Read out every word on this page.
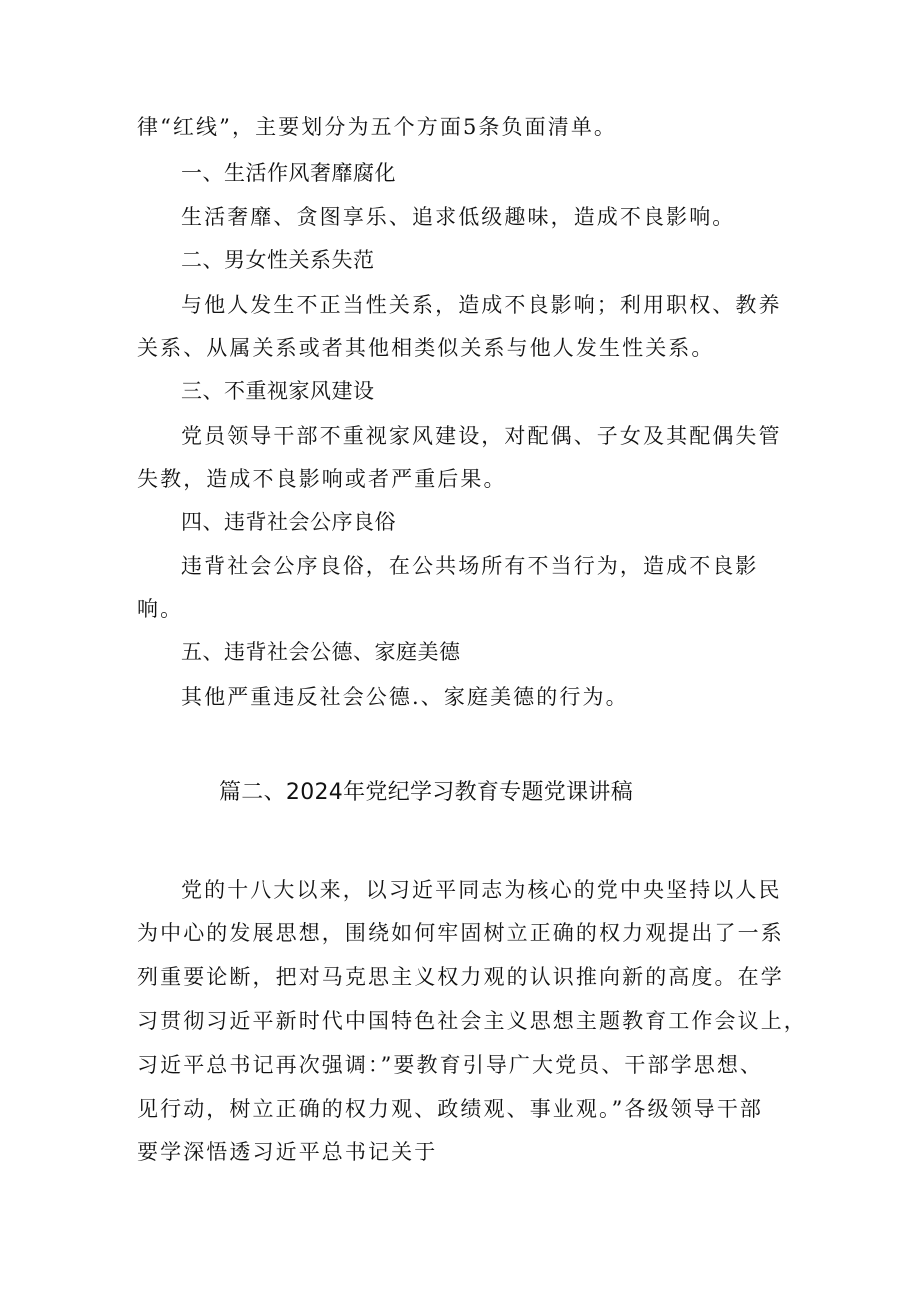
律“红线”，主要划分为五个方面5条负面清单。
一、生活作风奢靡腐化
生活奢靡、贪图享乐、追求低级趣味，造成不良影响。
二、男女性关系失范
与他人发生不正当性关系，造成不良影响；利用职权、教养
关系、从属关系或者其他相类似关系与他人发生性关系。
三、不重视家风建设
党员领导干部不重视家风建设，对配偶、子女及其配偶失管
失教，造成不良影响或者严重后果。
四、违背社会公序良俗
违背社会公序良俗，在公共场所有不当行为，造成不良影
响。
五、违背社会公德、家庭美德
其他严重违反社会公德.、家庭美德的行为。
篇二、2024年党纪学习教育专题党课讲稿
党的十八大以来，以习近平同志为核心的党中央坚持以人民
为中心的发展思想，围绕如何牢固树立正确的权力观提出了一系
列重要论断，把对马克思主义权力观的认识推向新的高度。在学
习贯彻习近平新时代中国特色社会主义思想主题教育工作会议上，
习近平总书记再次强调：”要教育引导广大党员、干部学思想、
见行动，树立正确的权力观、政绩观、事业观。”各级领导干部
要学深悟透习近平总书记关于
